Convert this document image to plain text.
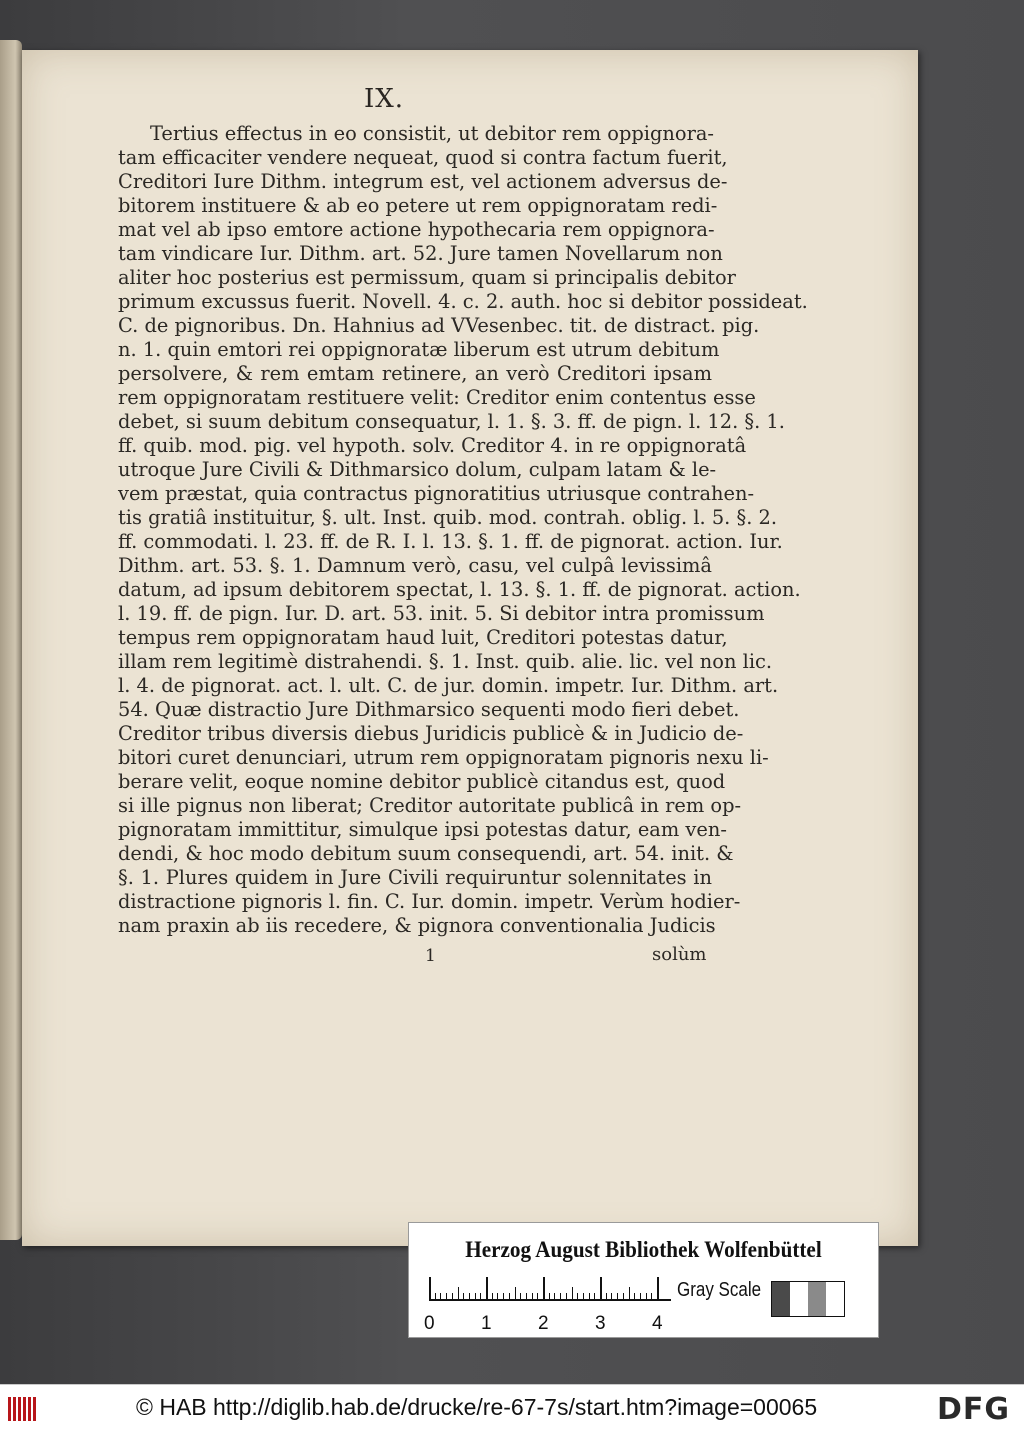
IX.
Tertius effectus in eo consistit, ut debitor rem oppignora-
tam efficaciter vendere nequeat, quod si contra factum fuerit,
Creditori Iure Dithm. integrum est, vel actionem adversus de-
bitorem instituere & ab eo petere ut rem oppignoratam redi-
mat vel ab ipso emtore actione hypothecaria rem oppignora-
tam vindicare Iur. Dithm. art. 52. Jure tamen Novellarum non
aliter hoc posterius est permissum, quam si principalis debitor
primum excussus fuerit. Novell. 4. c. 2. auth. hoc si debitor possideat.
C. de pignoribus. Dn. Hahnius ad VVesenbec. tit. de distract. pig.
n. 1. quin emtori rei oppignoratæ liberum est utrum debitum
persolvere, & rem emtam retinere, an verò Creditori ipsam
rem oppignoratam restituere velit: Creditor enim contentus esse
debet, si suum debitum consequatur, l. 1. §. 3. ff. de pign. l. 12. §. 1.
ff. quib. mod. pig. vel hypoth. solv. Creditor 4. in re oppignoratâ
utroque Jure Civili & Dithmarsico dolum, culpam latam & le-
vem præstat, quia contractus pignoratitius utriusque contrahen-
tis gratiâ instituitur, §. ult. Inst. quib. mod. contrah. oblig. l. 5. §. 2.
ff. commodati. l. 23. ff. de R. I. l. 13. §. 1. ff. de pignorat. action. Iur.
Dithm. art. 53. §. 1. Damnum verò, casu, vel culpâ levissimâ
datum, ad ipsum debitorem spectat, l. 13. §. 1. ff. de pignorat. action.
l. 19. ff. de pign. Iur. D. art. 53. init. 5. Si debitor intra promissum
tempus rem oppignoratam haud luit, Creditori potestas datur,
illam rem legitimè distrahendi. §. 1. Inst. quib. alie. lic. vel non lic.
l. 4. de pignorat. act. l. ult. C. de jur. domin. impetr. Iur. Dithm. art.
54. Quæ distractio Jure Dithmarsico sequenti modo fieri debet.
Creditor tribus diversis diebus Juridicis publicè & in Judicio de-
bitori curet denunciari, utrum rem oppignoratam pignoris nexu li-
berare velit, eoque nomine debitor publicè citandus est, quod
si ille pignus non liberat; Creditor autoritate publicâ in rem op-
pignoratam immittitur, simulque ipsi potestas datur, eam ven-
dendi, & hoc modo debitum suum consequendi, art. 54. init. &
§. 1. Plures quidem in Jure Civili requiruntur solennitates in
distractione pignoris l. fin. C. Iur. domin. impetr. Verùm hodier-
nam praxin ab iis recedere, & pignora conventionalia Judicis
1	solùm
Herzog August Bibliothek Wolfenbüttel
0 1 2 3 4
Gray Scale
© HAB http://diglib.hab.de/drucke/re-67-7s/start.htm?image=00065	DFG
